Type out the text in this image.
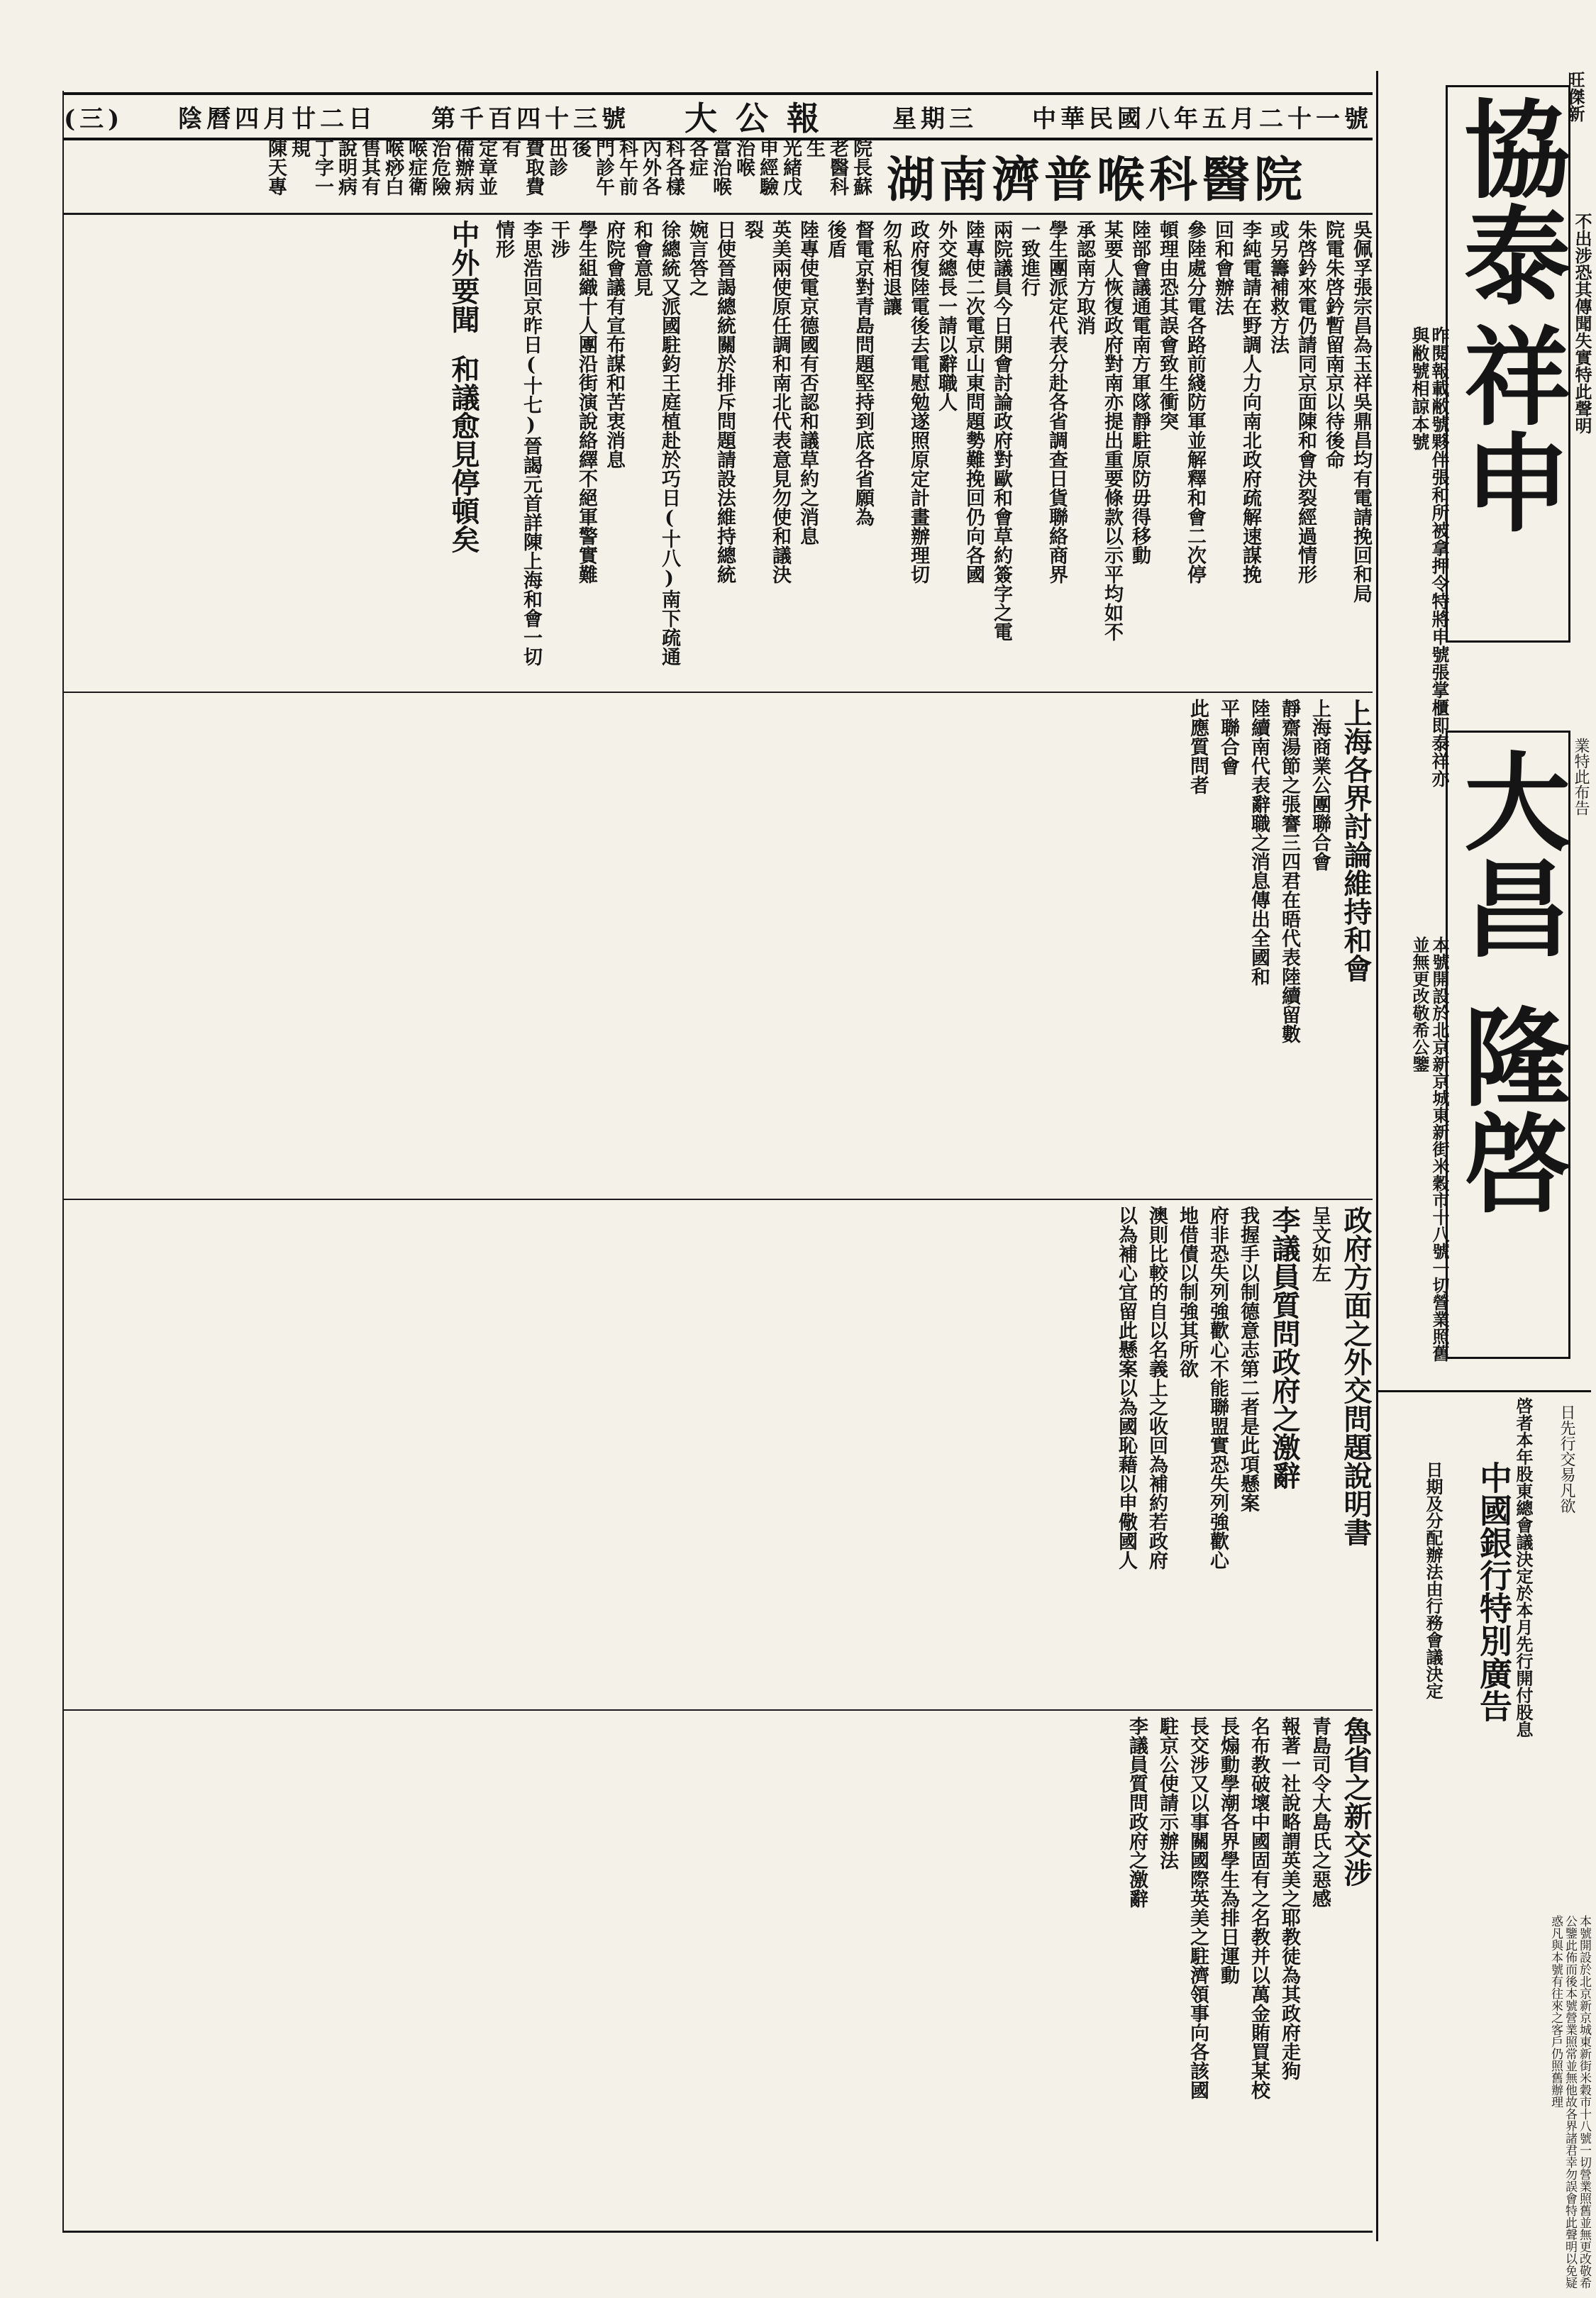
(三) 陰曆四月廿二日 第千百四十三號 大公報 星期三 中華民國八年五月二十一號	旺傑新
協泰
祥申 不出涉恐其傳聞失實特此聲明
昨閱報載敝號夥伴張和所被拿押令特將申號張掌櫃即泰祥亦與敝號相諒本號
大昌
隆啓
本號開設於北京新京城東新街米穀市十八號一切營業照舊並無更改敬希公鑒
業特此布告
中國銀行特別廣告 啓者本年股東總會議決定於本月先行開付股息
日期及分配辦法由行務會議決定
日先行交易凡欲
本號開設於北京新京城東新街米穀市十八號一切營業照舊並無更改敬希公鑒此佈而後本號營業照常並無他故各界諸君幸勿誤會特此聲明以免疑惑凡與本號有往來之客戶仍照舊辦理
湖南濟普喉科醫院
院長蘇老醫科生
光緒戊申經驗治喉
當治喉各症
科各樣
內外各
科午前
門診午後
出診
費取費有
定章並
備辦病
治危險
喉症衛
喉痧白
售其有
說明病
丁字一規
陳天專
吳佩孚張宗昌為玉祥吳鼎昌均有電請挽回和局
院電朱啓鈐暫留南京以待後命
朱啓鈐來電仍請同京面陳和會決裂經過情形
或另籌補救方法
李純電請在野調人力向南北政府疏解速謀挽
回和會辦法
參陸處分電各路前綫防軍並解釋和會二次停
頓理由恐其誤會致生衝突
陸部會議通電南方軍隊靜駐原防毋得移動
某要人恢復政府對南亦提出重要條款以示平均如不
承認南方取消
學生團派定代表分赴各省調查日貨聯絡商界
一致進行
兩院議員今日開會討論政府對歐和會草約簽字之電
陸專使二次電京山東問題勢難挽回仍向各國
外交總長一請以辭職人
政府復陸電後去電慰勉遂照原定計畫辦理切
勿私相退讓
督電京對青島問題堅持到底各省願為
後盾
陸專使電京德國有否認和議草約之消息
英美兩使原任調和南北代表意見勿使和議決
裂
日使晉謁總統關於排斥問題請設法維持總統
婉言答之
徐總統又派國駐鈞王庭植赴於巧日(十八)南下疏通
和會意見
府院會議有宣布謀和苦衷消息
學生組織十人團沿街演說絡繹不絕軍警實難
干涉
李思浩回京昨日(十七)晉謁元首詳陳上海和會一切
情形
中外要聞
和議愈見停頓矣
上海各界討論維持和會
上海商業公團聯合會
靜齋湯節之張謇三四君在晤代表陸續留數
陸續南代表辭職之消息傳出全國和
平聯合會
此應質問者
政府方面之外交問題說明書
呈文如左
李議員質問政府之激辭
我握手以制德意志第二者是此項懸案
府非恐失列強歡心不能聯盟實恐失列強歡心
地借債以制強其所欲
澳則比較的自以名義上之收回為補約若政府
以為補心宜留此懸案以為國恥藉以申儆國人
魯省之新交涉
青島司令大島氏之惡感
報著一社說略謂英美之耶教徒為其政府走狗
名布教破壞中國固有之名教并以萬金賄買某校
長煽動學潮各界學生為排日運動
長交涉又以事關國際英美之駐濟領事向各該國
駐京公使請示辦法
李議員質問政府之激辭
